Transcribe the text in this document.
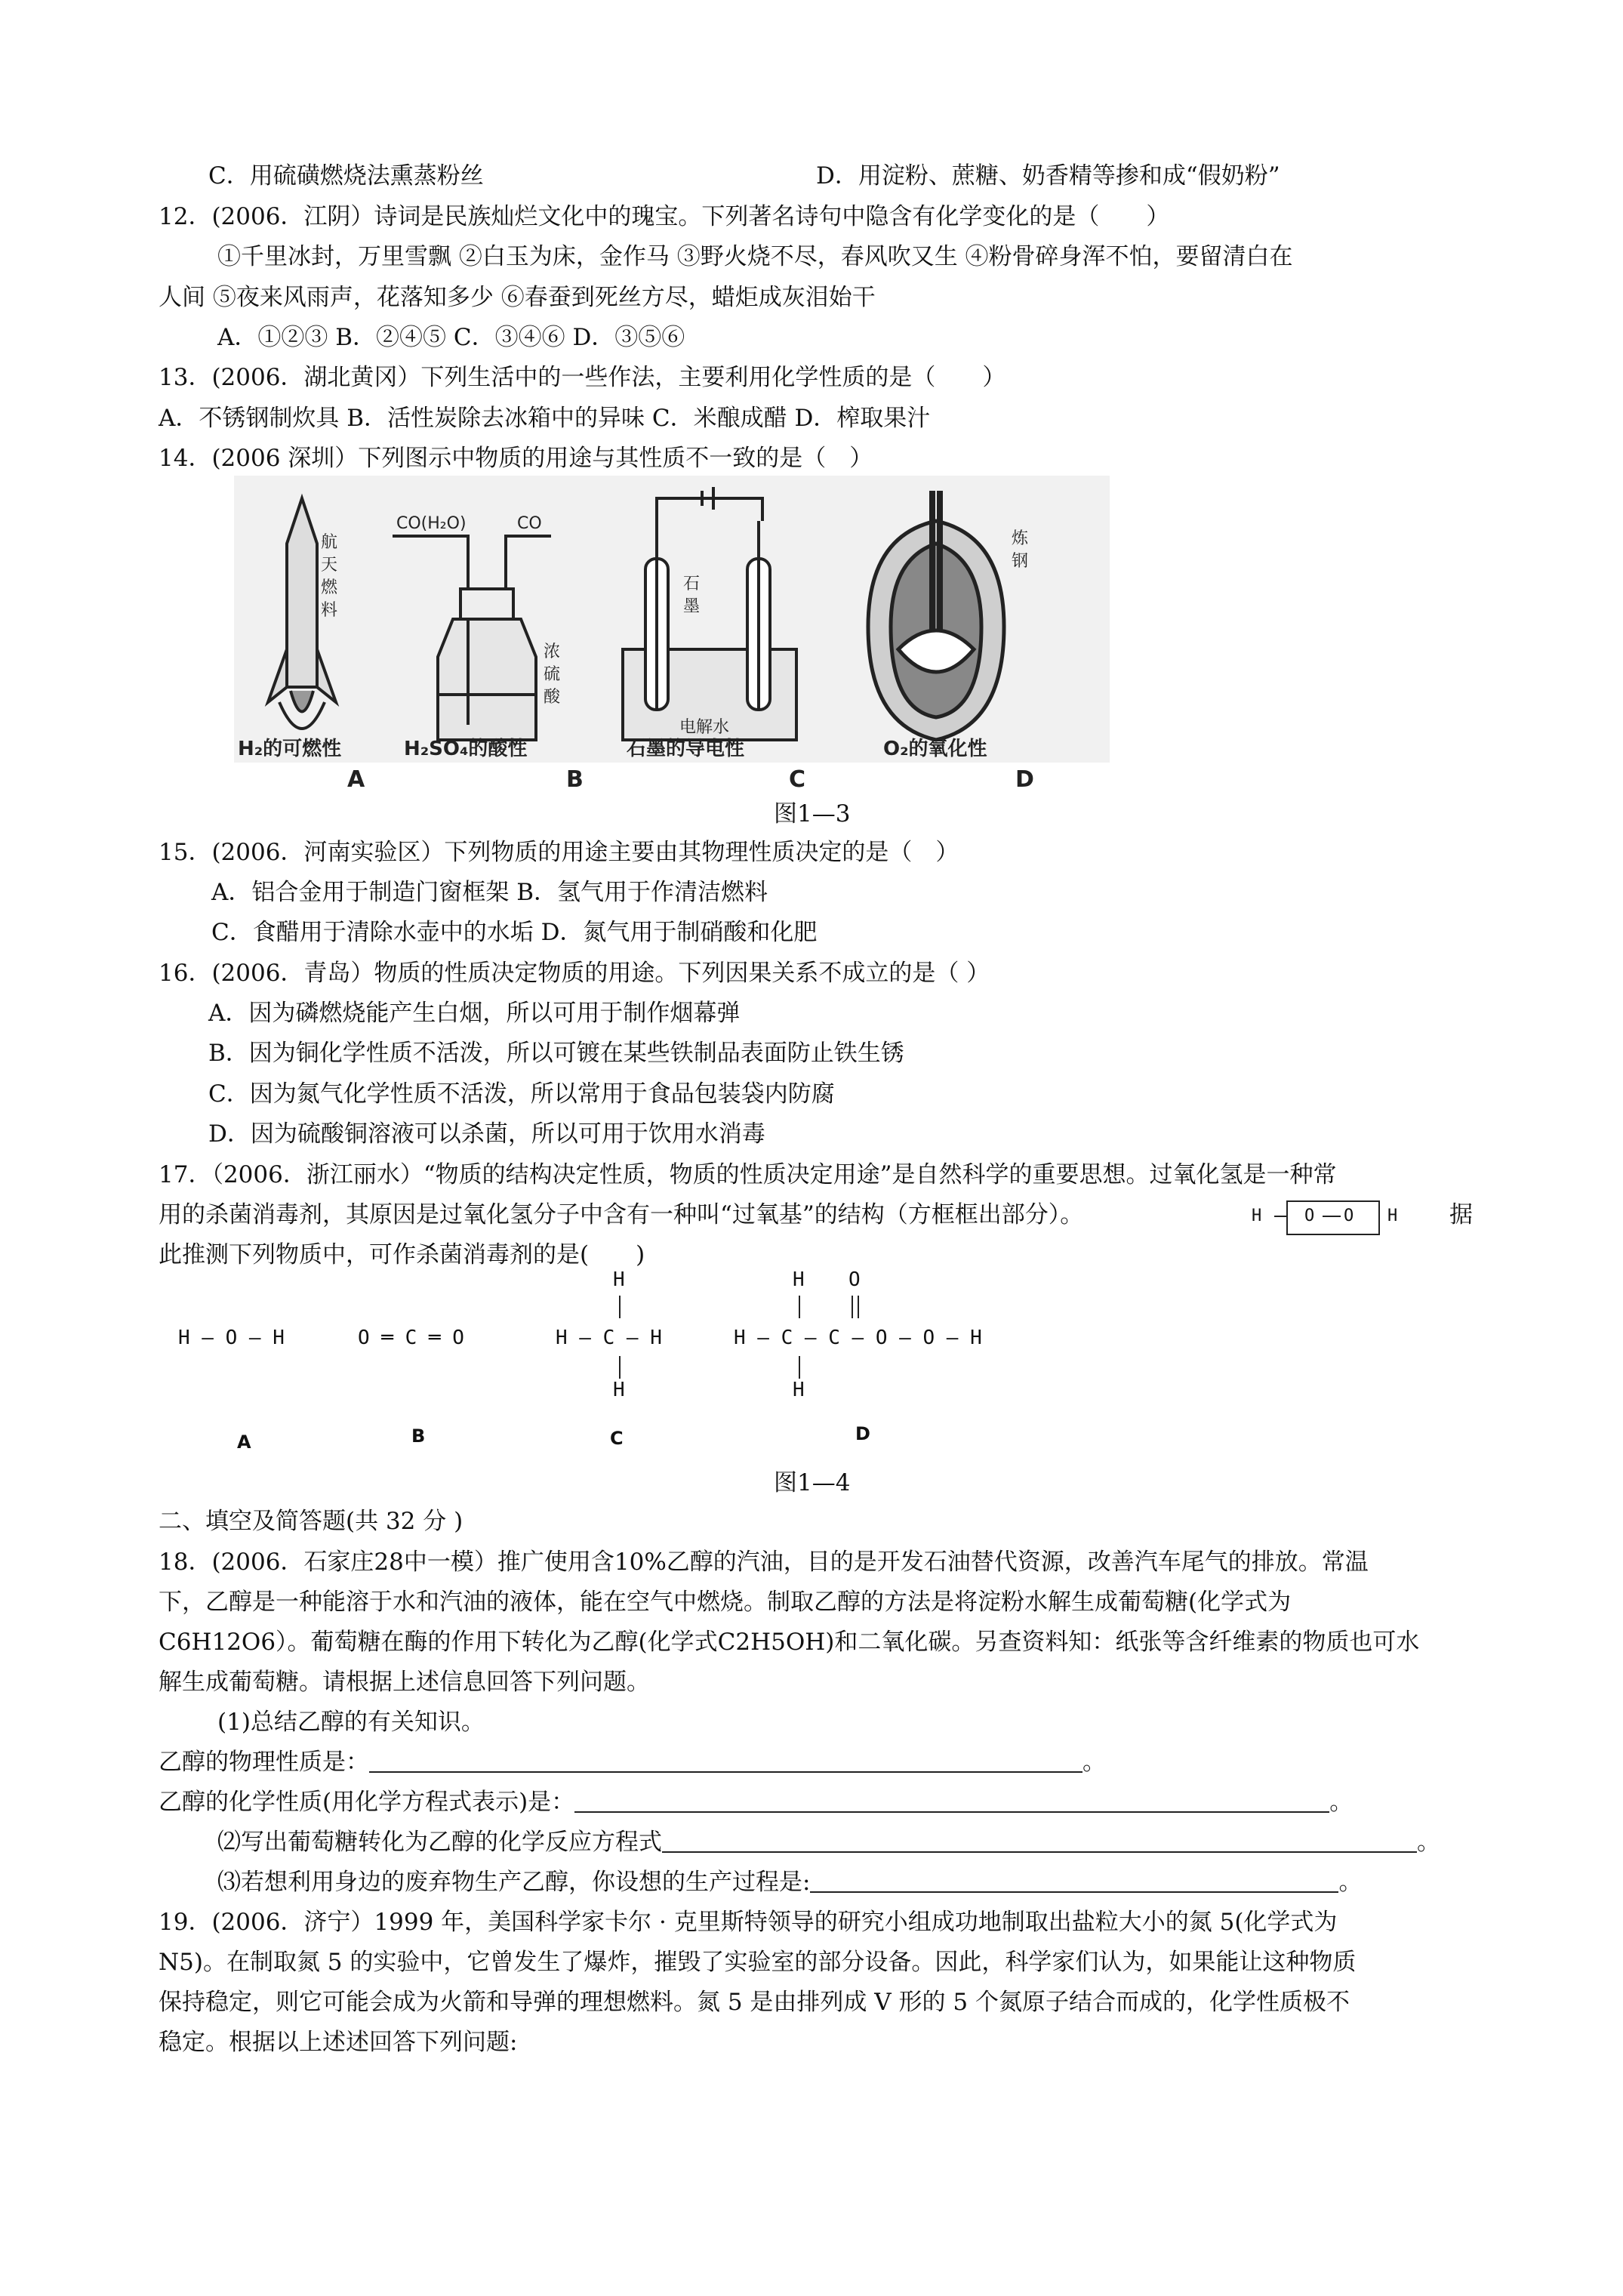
C．用硫磺燃烧法熏蒸粉丝	D．用淀粉、蔗糖、奶香精等掺和成“假奶粉”
12．(2006．江阴）诗词是民族灿烂文化中的瑰宝。下列著名诗句中隐含有化学变化的是（　　）
①千里冰封，万里雪飘 ②白玉为床，金作马 ③野火烧不尽，春风吹又生 ④粉骨碎身浑不怕，要留清白在
人间 ⑤夜来风雨声，花落知多少 ⑥春蚕到死丝方尽，蜡炬成灰泪始干
A．①②③ B．②④⑤ C．③④⑥ D．③⑤⑥
13．(2006．湖北黄冈）下列生活中的一些作法，主要利用化学性质的是（　　）
A．不锈钢制炊具 B．活性炭除去冰箱中的异味 C．米酿成醋 D．榨取果汁
14．(2006 深圳）下列图示中物质的用途与其性质不一致的是（　）
航
天
燃
料
CO(H₂O)	CO
浓
硫
酸
石
墨
电解水
炼
钢
H₂的可燃性	H₂SO₄的酸性	石墨的导电性	O₂的氧化性
A	B	C	D
图1—3
15．(2006．河南实验区）下列物质的用途主要由其物理性质决定的是（　）
A．铝合金用于制造门窗框架 B．氢气用于作清洁燃料
C．食醋用于清除水壶中的水垢 D．氮气用于制硝酸和化肥
16．(2006．青岛）物质的性质决定物质的用途。下列因果关系不成立的是（ ）
A．因为磷燃烧能产生白烟，所以可用于制作烟幕弹
B．因为铜化学性质不活泼，所以可镀在某些铁制品表面防止铁生锈
C．因为氮气化学性质不活泼，所以常用于食品包装袋内防腐
D．因为硫酸铜溶液可以杀菌，所以可用于饮用水消毒
17．（2006．浙江丽水）“物质的结构决定性质，物质的性质决定用途”是自然科学的重要思想。过氧化氢是一种常
用的杀菌消毒剂，其原因是过氧化氢分子中含有一种叫“过氧基”的结构（方框框出部分）。	H	O O H 据
此推测下列物质中，可作杀菌消毒剂的是(　　)
H — O — H	O ═ C ═ O
H
H — C — H
H
H O
H — C — C — O — O — H
H
A	B	C	D
图1—4
二、填空及简答题(共 32 分 )
18．(2006．石家庄28中一模）推广使用含10%乙醇的汽油，目的是开发石油替代资源，改善汽车尾气的排放。常温
下，乙醇是一种能溶于水和汽油的液体，能在空气中燃烧。制取乙醇的方法是将淀粉水解生成葡萄糖(化学式为
C6H12O6）。葡萄糖在酶的作用下转化为乙醇(化学式C2H5OH)和二氧化碳。另查资料知：纸张等含纤维素的物质也可水
解生成葡萄糖。请根据上述信息回答下列问题。
(1)总结乙醇的有关知识。
乙醇的物理性质是：	。
乙醇的化学性质(用化学方程式表示)是：	。
⑵写出葡萄糖转化为乙醇的化学反应方程式	。
⑶若想利用身边的废弃物生产乙醇，你设想的生产过程是:	。
19．(2006．济宁）1999 年，美国科学家卡尔 · 克里斯特领导的研究小组成功地制取出盐粒大小的氮 5(化学式为
N5)。在制取氮 5 的实验中，它曾发生了爆炸，摧毁了实验室的部分设备。因此，科学家们认为，如果能让这种物质
保持稳定，则它可能会成为火箭和导弹的理想燃料。氮 5 是由排列成 V 形的 5 个氮原子结合而成的，化学性质极不
稳定。根据以上述述回答下列问题:
